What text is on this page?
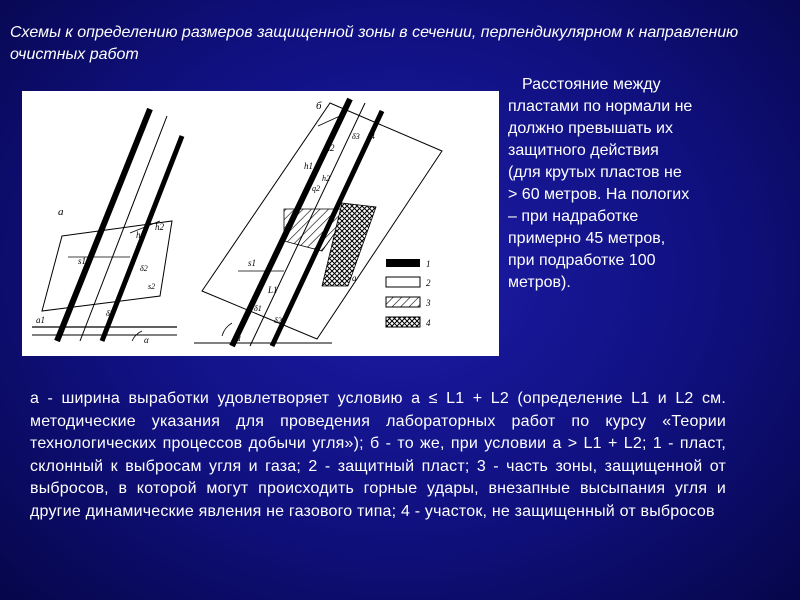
Схемы к определению размеров защищенной зоны в сечении, перпендикулярном к направлению очистных работ
Расстояние между
пластами по нормали не
должно превышать их
защитного действия
(для крутых пластов не
> 60 метров. На пологих
– при надработке
примерно 45 метров,
при подработке 100
метров).
а
h1
h2
s1
s2
δ2
δ3
a1
α
б
L2
h1
h2
δ3 δ4
q2
q1
s1
L1
δ1
δ2
a
α
1
2
3
4
а - ширина выработки удовлетворяет условию a ≤ L1 + L2 (определение L1 и L2 см. методические указания для проведения лабораторных работ по курсу «Теории технологических процессов добычи угля»); б - то же, при условии a > L1 + L2; 1 - пласт, склонный к выбросам угля и газа; 2 - защитный пласт; 3 - часть зоны, защищенной от выбросов, в которой могут происходить горные удары, внезапные высыпания угля и другие динамические явления не газового типа; 4 - участок, не защищенный от выбросов
